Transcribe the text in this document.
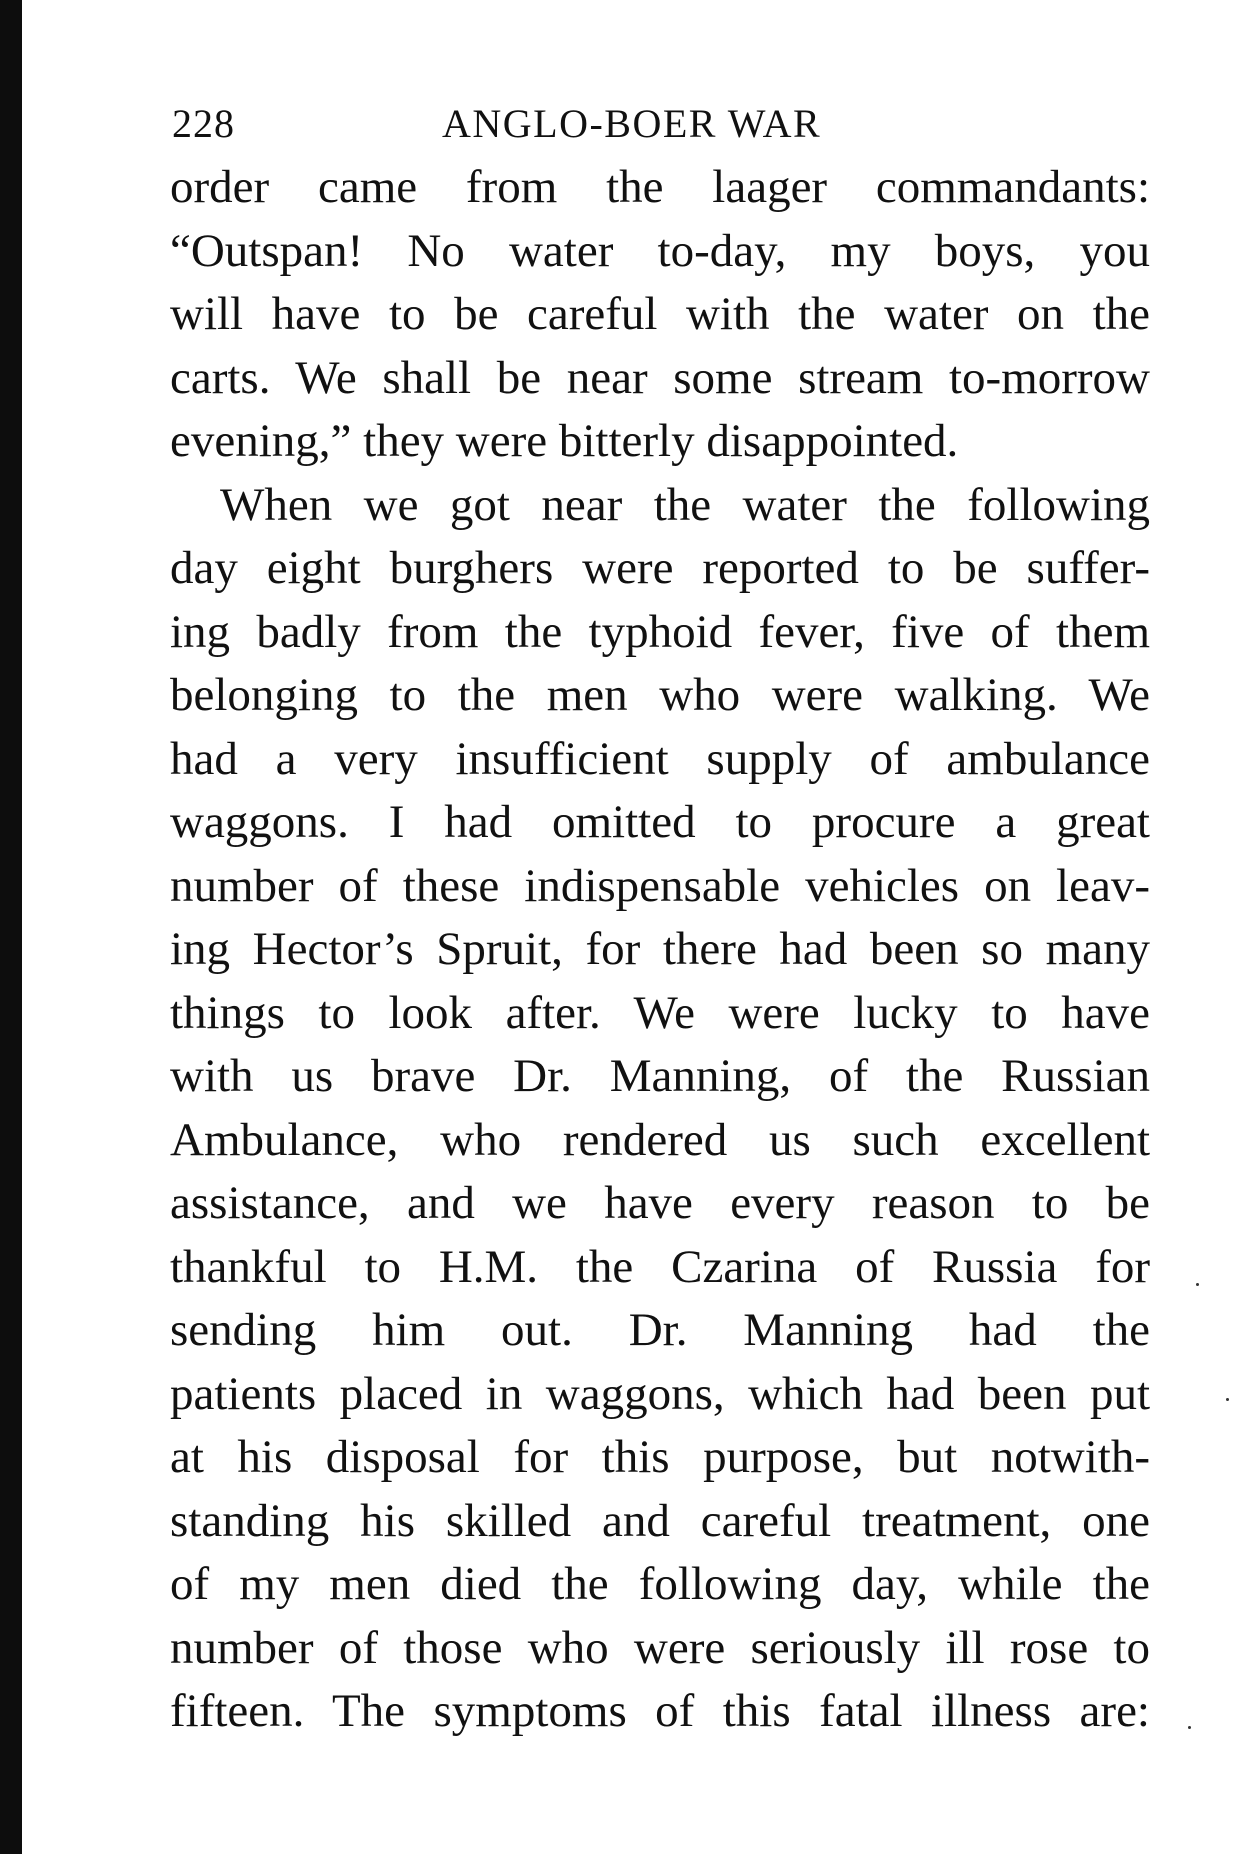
228	ANGLO-BOER WAR
order came from the laager commandants:
“Outspan! No water to-day, my boys, you
will have to be careful with the water on the
carts. We shall be near some stream to-morrow
evening,” they were bitterly disappointed.
When we got near the water the following
day eight burghers were reported to be suffer-
ing badly from the typhoid fever, five of them
belonging to the men who were walking. We
had a very insufficient supply of ambulance
waggons. I had omitted to procure a great
number of these indispensable vehicles on leav-
ing Hector’s Spruit, for there had been so many
things to look after. We were lucky to have
with us brave Dr. Manning, of the Russian
Ambulance, who rendered us such excellent
assistance, and we have every reason to be
thankful to H.M. the Czarina of Russia for
sending him out. Dr. Manning had the
patients placed in waggons, which had been put
at his disposal for this purpose, but notwith-
standing his skilled and careful treatment, one
of my men died the following day, while the
number of those who were seriously ill rose to
fifteen. The symptoms of this fatal illness are:
